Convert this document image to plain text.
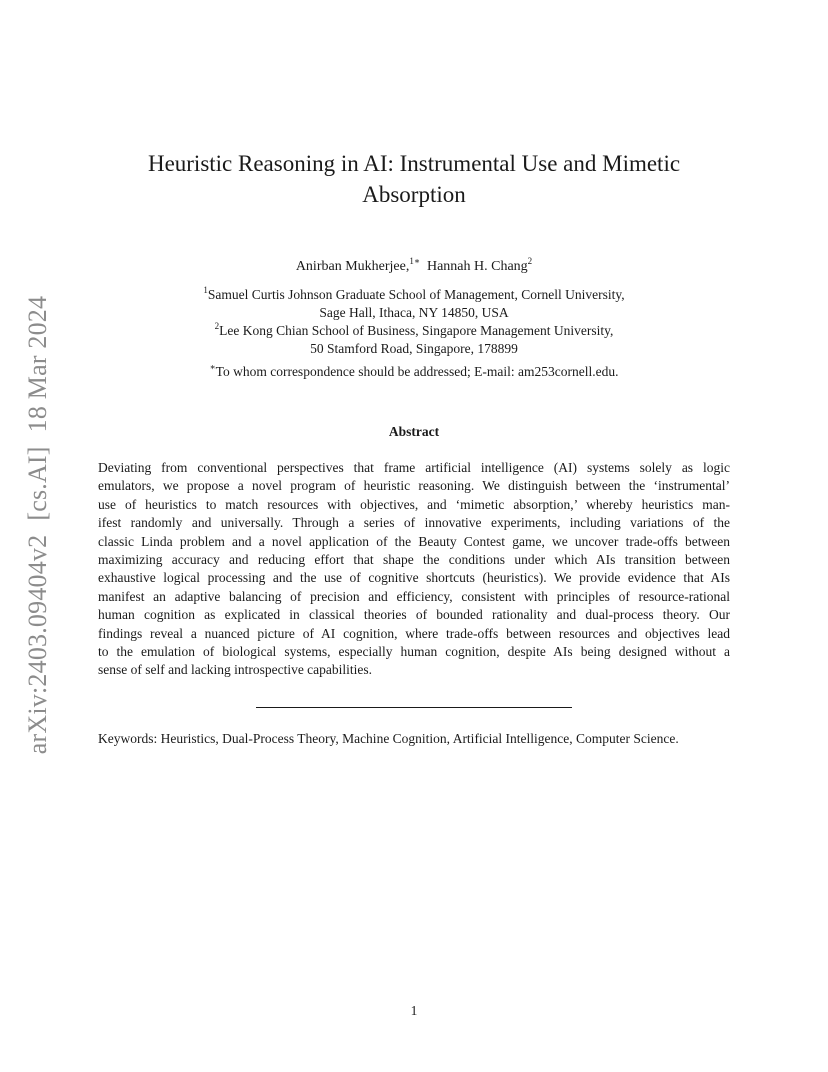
arXiv:2403.09404v2[cs.AI]18 Mar 2024
Heuristic Reasoning in AI: Instrumental Use and Mimetic
Absorption
Anirban Mukherjee,$^{1∗}$ Hannah H. Chang$^2$
$^1$Samuel Curtis Johnson Graduate School of Management, Cornell University,
Sage Hall, Ithaca, NY 14850, USA
$^2$Lee Kong Chian School of Business, Singapore Management University,
50 Stamford Road, Singapore, 178899
∗To whom correspondence should be addressed; E-mail: am253cornell.edu.
Abstract
Deviating from conventional perspectives that frame artificial intelligence (AI) systems solely as logic
emulators, we propose a novel program of heuristic reasoning. We distinguish between the ‘instrumental’
use of heuristics to match resources with objectives, and ‘mimetic absorption,’ whereby heuristics man-
ifest randomly and universally. Through a series of innovative experiments, including variations of the
classic Linda problem and a novel application of the Beauty Contest game, we uncover trade-offs between
maximizing accuracy and reducing effort that shape the conditions under which AIs transition between
exhaustive logical processing and the use of cognitive shortcuts (heuristics). We provide evidence that AIs
manifest an adaptive balancing of precision and efficiency, consistent with principles of resource-rational
human cognition as explicated in classical theories of bounded rationality and dual-process theory. Our
findings reveal a nuanced picture of AI cognition, where trade-offs between resources and objectives lead
to the emulation of biological systems, especially human cognition, despite AIs being designed without a
sense of self and lacking introspective capabilities.
Keywords: Heuristics, Dual-Process Theory, Machine Cognition, Artificial Intelligence, Computer Science.
1
